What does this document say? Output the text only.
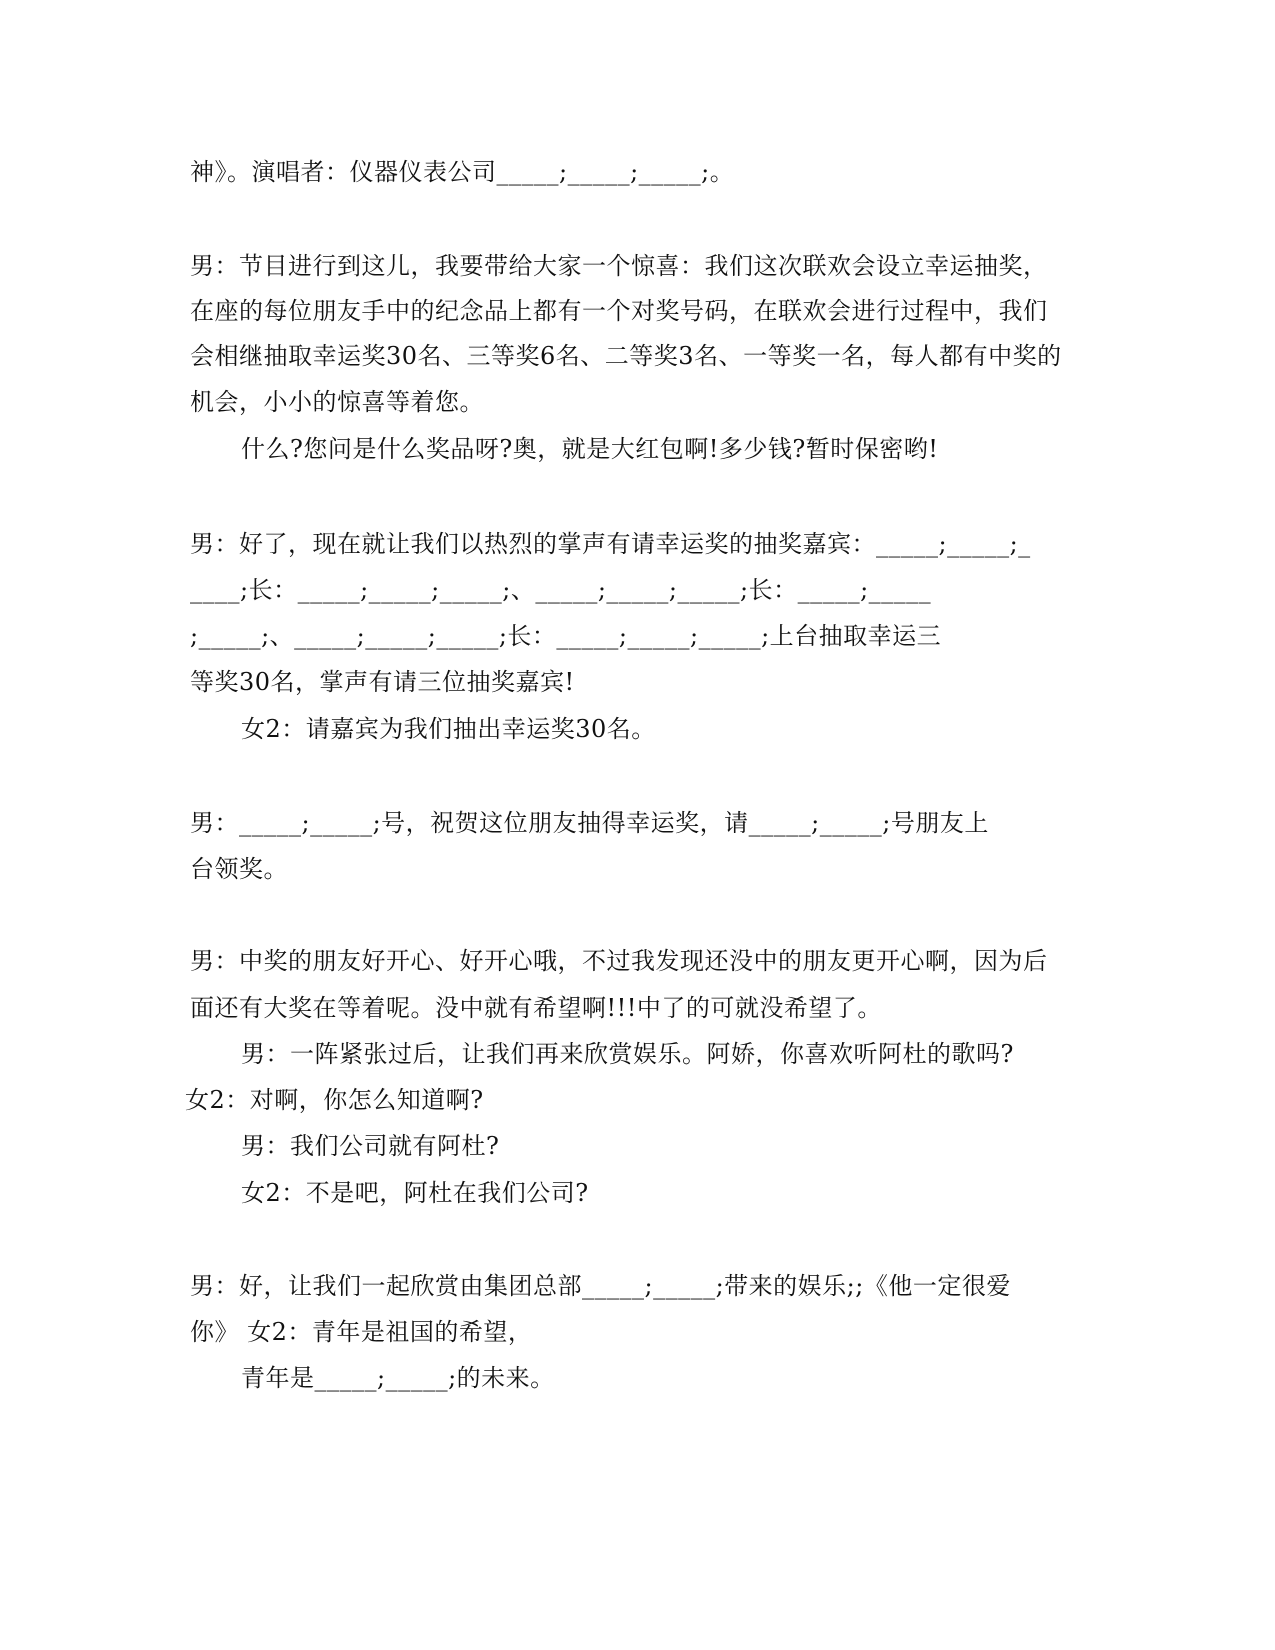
神》。演唱者：仪器仪表公司_____;_____;_____;。
男：节目进行到这儿，我要带给大家一个惊喜：我们这次联欢会设立幸运抽奖，
在座的每位朋友手中的纪念品上都有一个对奖号码，在联欢会进行过程中，我们
会相继抽取幸运奖30名、三等奖6名、二等奖3名、一等奖一名，每人都有中奖的
机会，小小的惊喜等着您。
什么?您问是什么奖品呀?奥，就是大红包啊!多少钱?暂时保密哟!
男：好了，现在就让我们以热烈的掌声有请幸运奖的抽奖嘉宾：_____;_____;_
____;长：_____;_____;_____;、_____;_____;_____;长：_____;_____
;_____;、_____;_____;_____;长：_____;_____;_____;上台抽取幸运三
等奖30名，掌声有请三位抽奖嘉宾!
女2：请嘉宾为我们抽出幸运奖30名。
男：_____;_____;号，祝贺这位朋友抽得幸运奖，请_____;_____;号朋友上
台领奖。
男：中奖的朋友好开心、好开心哦，不过我发现还没中的朋友更开心啊，因为后
面还有大奖在等着呢。没中就有希望啊!!!中了的可就没希望了。
男：一阵紧张过后，让我们再来欣赏娱乐。阿娇，你喜欢听阿杜的歌吗?
女2：对啊，你怎么知道啊?
男：我们公司就有阿杜?
女2：不是吧，阿杜在我们公司?
男：好，让我们一起欣赏由集团总部_____;_____;带来的娱乐;;《他一定很爱
你》 女2：青年是祖国的希望，
青年是_____;_____;的未来。
